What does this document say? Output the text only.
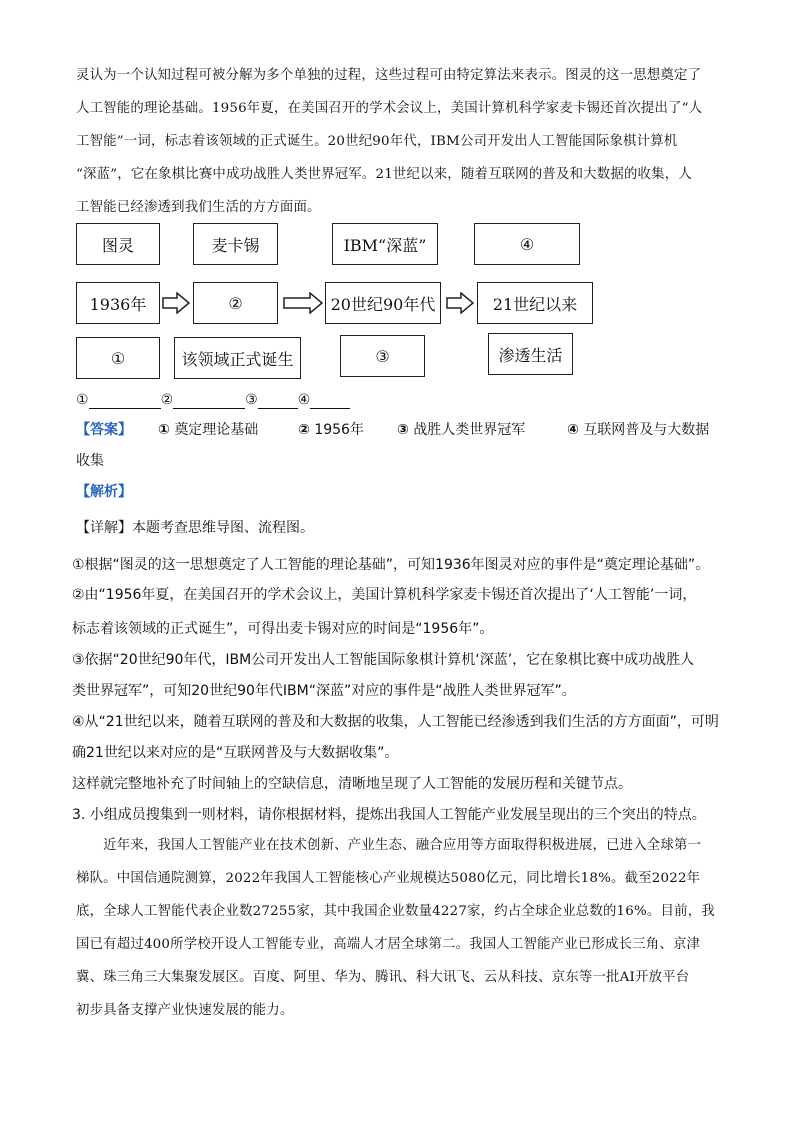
灵认为一个认知过程可被分解为多个单独的过程，这些过程可由特定算法来表示。图灵的这一思想奠定了
人工智能的理论基础。1956年夏，在美国召开的学术会议上，美国计算机科学家麦卡锡还首次提出了“人
工智能”一词，标志着该领域的正式诞生。20世纪90年代，IBM公司开发出人工智能国际象棋计算机
“深蓝”，它在象棋比赛中成功战胜人类世界冠军。21世纪以来，随着互联网的普及和大数据的收集，人
工智能已经渗透到我们生活的方方面面。
图灵	麦卡锡	IBM“深蓝”	④
1936年	②	20世纪90年代	21世纪以来
①	该领域正式诞生	③	渗透生活
①	②	③	④
【答案】 ① 奠定理论基础	② 1956年 ③ 战胜人类世界冠军	④ 互联网普及与大数据
收集
【解析】
【详解】本题考查思维导图、流程图。
①根据“图灵的这一思想奠定了人工智能的理论基础”，可知1936年图灵对应的事件是“奠定理论基础”。
②由“1956年夏，在美国召开的学术会议上，美国计算机科学家麦卡锡还首次提出了‘人工智能’一词，
标志着该领域的正式诞生”，可得出麦卡锡对应的时间是“1956年”。
③依据“20世纪90年代，IBM公司开发出人工智能国际象棋计算机‘深蓝’，它在象棋比赛中成功战胜人
类世界冠军”，可知20世纪90年代IBM“深蓝”对应的事件是“战胜人类世界冠军”。
④从“21世纪以来，随着互联网的普及和大数据的收集，人工智能已经渗透到我们生活的方方面面”，可明
确21世纪以来对应的是“互联网普及与大数据收集”。
这样就完整地补充了时间轴上的空缺信息，清晰地呈现了人工智能的发展历程和关键节点。
3. 小组成员搜集到一则材料，请你根据材料，提炼出我国人工智能产业发展呈现出的三个突出的特点。
　　近年来，我国人工智能产业在技术创新、产业生态、融合应用等方面取得积极进展，已进入全球第一
梯队。中国信通院测算，2022年我国人工智能核心产业规模达5080亿元，同比增长18%。截至2022年
底，全球人工智能代表企业数27255家，其中我国企业数量4227家，约占全球企业总数的16%。目前，我
国已有超过400所学校开设人工智能专业，高端人才居全球第二。我国人工智能产业已形成长三角、京津
冀、珠三角三大集聚发展区。百度、阿里、华为、腾讯、科大讯飞、云从科技、京东等一批AI开放平台
初步具备支撑产业快速发展的能力。
